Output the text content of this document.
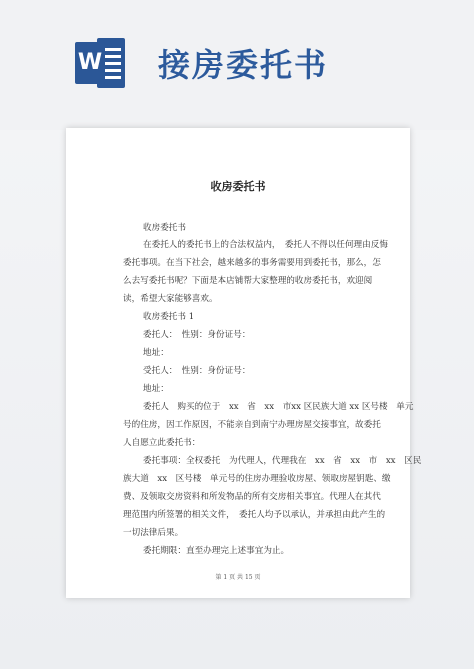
W 接房委托书
收房委托书
收房委托书
在委托人的委托书上的合法权益内，　委托人不得以任何理由反悔
委托事项。在当下社会，越来越多的事务需要用到委托书，那么，怎
么去写委托书呢？下面是本店铺帮大家整理的收房委托书，欢迎阅
读，希望大家能够喜欢。
收房委托书 1
委托人：　性别：身份证号：
地址：
受托人：　性别：身份证号：
地址：
委托人　购买的位于　xx　省　xx　市xx 区民族大道 xx 区号楼　单元
号的住房，因工作原因，不能亲自到南宁办理房屋交接事宜，故委托
人自愿立此委托书：
委托事项：全权委托　为代理人，代理我在　xx　省　xx　市　xx　区民
族大道　xx　区号楼　单元号的住房办理验收房屋、领取房屋钥匙、缴
费、及领取交房资料和所发物品的所有交房相关事宜。代理人在其代
理范围内所签署的相关文件，　委托人均予以承认，并承担由此产生的
一切法律后果。
委托期限：直至办理完上述事宜为止。
第 1 页 共 15 页
